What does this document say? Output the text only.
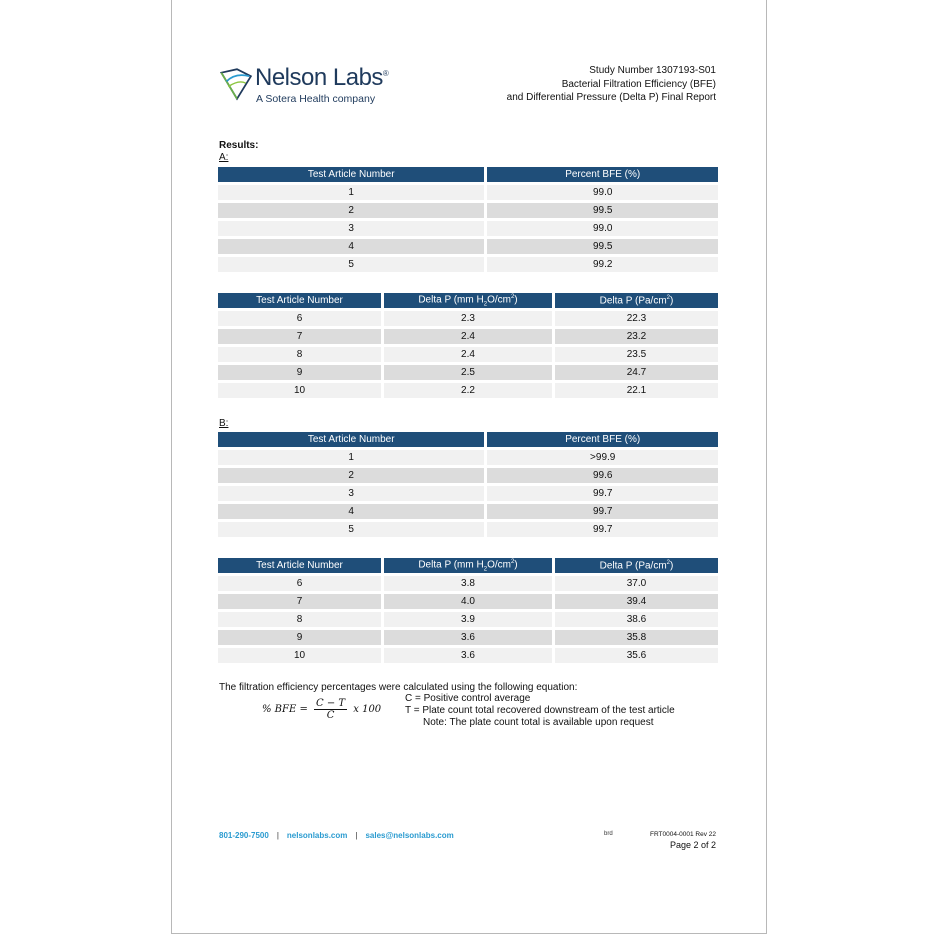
Nelson Labs®
A Sotera Health company
Study Number 1307193-S01
Bacterial Filtration Efficiency (BFE)
and Differential Pressure (Delta P) Final Report
Results:
A:
Test Article Number	Percent BFE (%)
1	99.0
2	99.5
3	99.0
4	99.5
5	99.2
Test Article Number	Delta P (mm $H_2O/cm^2$)	Delta P $(Pa/cm^2)$
6	2.3	22.3
7	2.4	23.2
8	2.4	23.5
9	2.5	24.7
10	2.2	22.1
B:
Test Article Number	Percent BFE (%)
1	>99.9
2	99.6
3	99.7
4	99.7
5	99.7
Test Article Number	Delta P (mm $H_2O/cm^2$)	Delta P $(Pa/cm^2)$
6	3.8	37.0
7	4.0	39.4
8	3.9	38.6
9	3.6	35.8
10	3.6	35.6
The filtration efficiency percentages were calculated using the following equation:
% BFE = $\frac{C - T}{C}$ x 100
C = Positive control average
T = Plate count total recovered downstream of the test article
Note: The plate count total is available upon request
801-290-7500 | nelsonlabs.com | sales@nelsonlabs.com	brd	FRT0004-0001 Rev 22
Page 2 of 2
